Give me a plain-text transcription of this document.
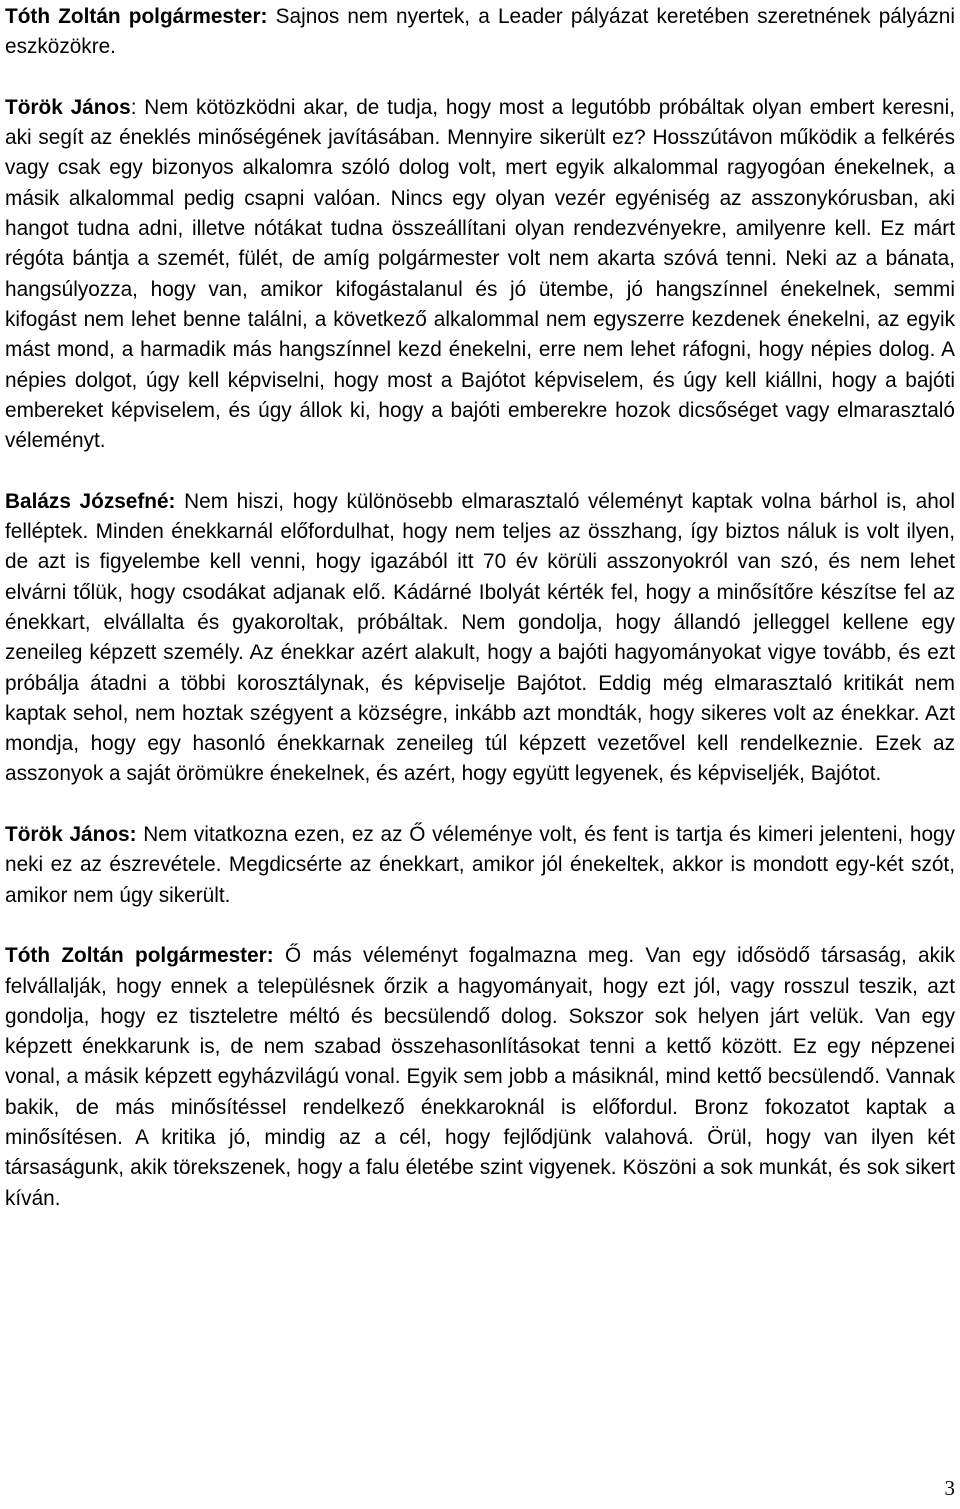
Tóth Zoltán polgármester: Sajnos nem nyertek, a Leader pályázat keretében szeretnének pályázni eszközökre.

Török János: Nem kötözködni akar, de tudja, hogy most a legutóbb próbáltak olyan embert keresni, aki segít az éneklés minőségének javításában. Mennyire sikerült ez? Hosszútávon működik a felkérés vagy csak egy bizonyos alkalomra szóló dolog volt, mert egyik alkalommal ragyogóan énekelnek, a másik alkalommal pedig csapni valóan. Nincs egy olyan vezér egyéniség az asszonykórusban, aki hangot tudna adni, illetve nótákat tudna összeállítani olyan rendezvényekre, amilyenre kell. Ez márt régóta bántja a szemét, fülét, de amíg polgármester volt nem akarta szóvá tenni. Neki az a bánata, hangsúlyozza, hogy van, amikor kifogástalanul és jó ütembe, jó hangszínnel énekelnek, semmi kifogást nem lehet benne találni, a következő alkalommal nem egyszerre kezdenek énekelni, az egyik mást mond, a harmadik más hangszínnel kezd énekelni, erre nem lehet ráfogni, hogy népies dolog. A népies dolgot, úgy kell képviselni, hogy most a Bajótot képviselem, és úgy kell kiállni, hogy a bajóti embereket képviselem, és úgy állok ki, hogy a bajóti emberekre hozok dicsőséget vagy elmarasztaló véleményt.

Balázs Józsefné: Nem hiszi, hogy különösebb elmarasztaló véleményt kaptak volna bárhol is, ahol felléptek. Minden énekkarnál előfordulhat, hogy nem teljes az összhang, így biztos náluk is volt ilyen, de azt is figyelembe kell venni, hogy igazából itt 70 év körüli asszonyokról van szó, és nem lehet elvárni tőlük, hogy csodákat adjanak elő. Kádárné Ibolyát kérték fel, hogy a minősítőre készítse fel az énekkart, elvállalta és gyakoroltak, próbáltak. Nem gondolja, hogy állandó jelleggel kellene egy zeneileg képzett személy. Az énekkar azért alakult, hogy a bajóti hagyományokat vigye tovább, és ezt próbálja átadni a többi korosztálynak, és képviselje Bajótot. Eddig még elmarasztaló kritikát nem kaptak sehol, nem hoztak szégyent a községre, inkább azt mondták, hogy sikeres volt az énekkar. Azt mondja, hogy egy hasonló énekkarnak zeneileg túl képzett vezetővel kell rendelkeznie. Ezek az asszonyok a saját örömükre énekelnek, és azért, hogy együtt legyenek, és képviseljék, Bajótot.

Török János: Nem vitatkozna ezen, ez az Ő véleménye volt, és fent is tartja és kimeri jelenteni, hogy neki ez az észrevétele. Megdicsérte az énekkart, amikor jól énekeltek, akkor is mondott egy-két szót, amikor nem úgy sikerült.

Tóth Zoltán polgármester: Ő más véleményt fogalmazna meg. Van egy idősödő társaság, akik felvállalják, hogy ennek a településnek őrzik a hagyományait, hogy ezt jól, vagy rosszul teszik, azt gondolja, hogy ez tiszteletre méltó és becsülendő dolog. Sokszor sok helyen járt velük. Van egy képzett énekkarunk is, de nem szabad összehasonlításokat tenni a kettő között. Ez egy népzenei vonal, a másik képzett egyházvilágú vonal. Egyik sem jobb a másiknál, mind kettő becsülendő. Vannak bakik, de más minősítéssel rendelkező énekkaroknál is előfordul. Bronz fokozatot kaptak a minősítésen. A kritika jó, mindig az a cél, hogy fejlődjünk valahová. Örül, hogy van ilyen két társaságunk, akik törekszenek, hogy a falu életébe szint vigyenek. Köszöni a sok munkát, és sok sikert kíván.

3
